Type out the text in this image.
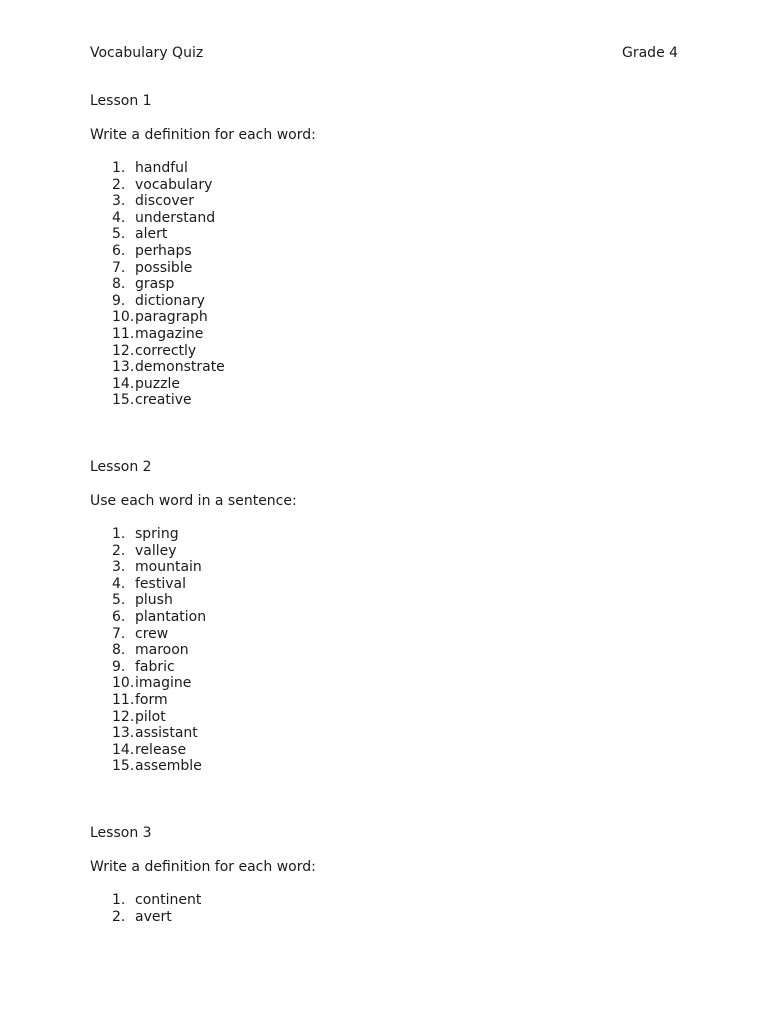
Vocabulary Quiz	Grade 4

Lesson 1

Write a definition for each word:

1. handful
2. vocabulary
3. discover
4. understand
5. alert
6. perhaps
7. possible
8. grasp
9. dictionary
10. paragraph
11. magazine
12. correctly
13. demonstrate
14. puzzle
15. creative

Lesson 2

Use each word in a sentence:

1. spring
2. valley
3. mountain
4. festival
5. plush
6. plantation
7. crew
8. maroon
9. fabric
10. imagine
11. form
12. pilot
13. assistant
14. release
15. assemble

Lesson 3

Write a definition for each word:

1. continent
2. avert
